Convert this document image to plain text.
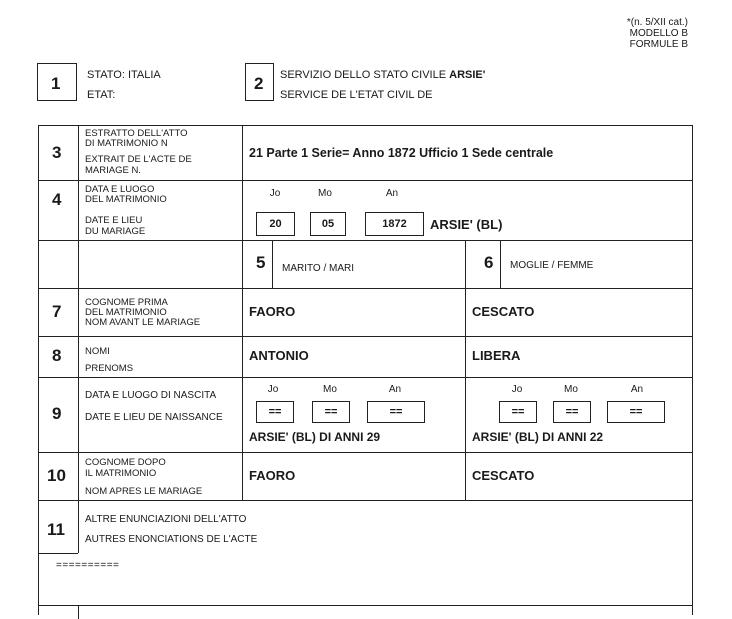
*(n. 5/XII cat.)
MODELLO B
FORMULE B
1 STATO: ITALIA
ETAT:
2 SERVIZIO DELLO STATO CIVILE ARSIE'
SERVICE DE L'ETAT CIVIL DE
3
ESTRATTO DELL'ATTO
DI MATRIMONIO N
EXTRAIT DE L'ACTE DE
MARIAGE N.
21 Parte 1 Serie= Anno 1872 Ufficio 1 Sede centrale
4
DATA E LUOGO
DEL MATRIMONIO
DATE E LIEU
DU MARIAGE
Jo	Mo	An
20	05	1872	ARSIE' (BL)
5 MARITO / MARI	6 MOGLIE / FEMME
7 COGNOME PRIMA
DEL MATRIMONIO
NOM AVANT LE MARIAGE
FAORO	CESCATO
8 NOMI
PRENOMS
ANTONIO	LIBERA
9
DATA E LUOGO DI NASCITA
DATE E LIEU DE NAISSANCE
Jo	Mo	An
==	==	==
ARSIE' (BL) DI ANNI 29
Jo	Mo	An
==	==	==
ARSIE' (BL) DI ANNI 22
10
COGNOME DOPO
IL MATRIMONIO
NOM APRES LE MARIAGE
FAORO	CESCATO
11
ALTRE ENUNCIAZIONI DELL'ATTO
AUTRES ENONCIATIONS DE L'ACTE
==========
